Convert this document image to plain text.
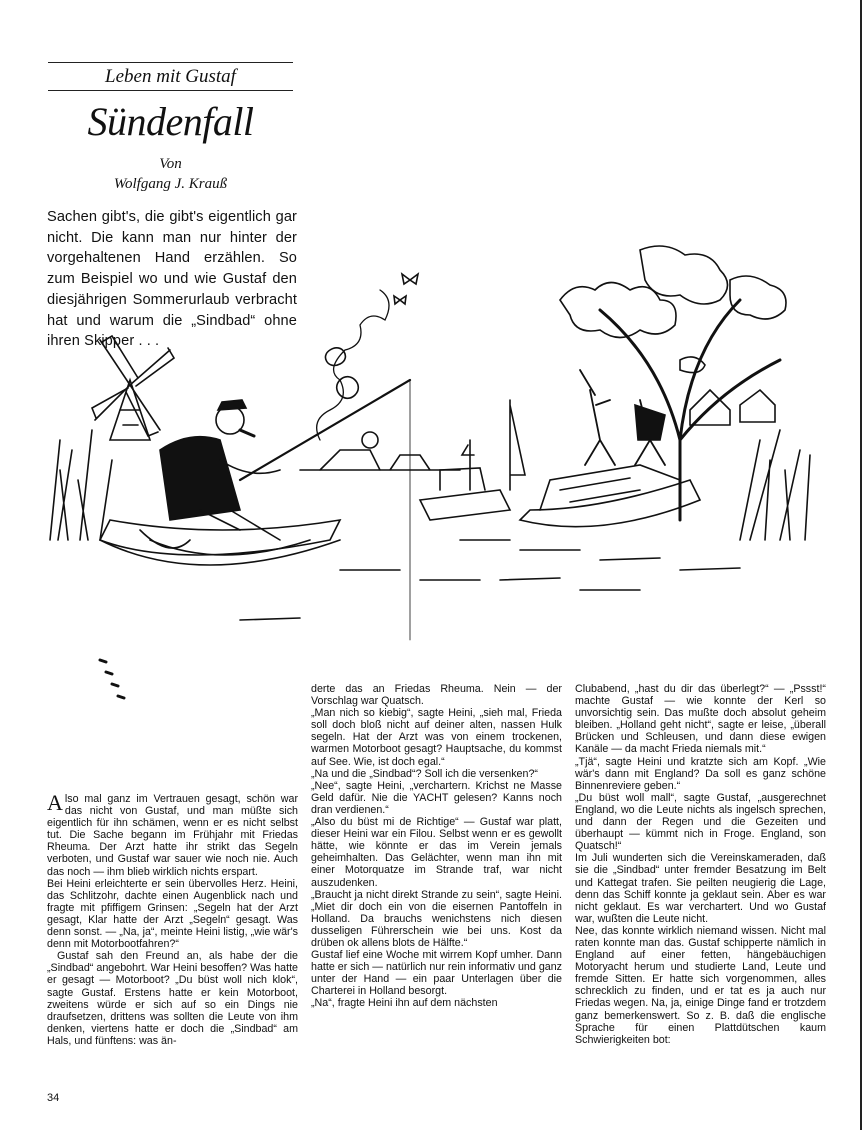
Leben mit Gustaf
Sündenfall
Von
Wolfgang J. Krauß
Sachen gibt's, die gibt's eigentlich gar nicht. Die kann man nur hinter der vorgehaltenen Hand erzählen. So zum Beispiel wo und wie Gustaf den diesjährigen Sommerurlaub verbracht hat und warum die „Sindbad“ ohne ihren Skipper . . .

A lso mal ganz im Vertrauen gesagt, schön war das nicht von Gustaf, und man müßte sich eigentlich für ihn schämen, wenn er es nicht selbst tut. Die Sache begann im Frühjahr mit Friedas Rheuma. Der Arzt hatte ihr strikt das Segeln verboten, und Gustaf war sauer wie noch nie. Auch das noch — ihm blieb wirklich nichts erspart.

Bei Heini erleichterte er sein übervolles Herz. Heini, das Schlitzohr, dachte einen Augenblick nach und fragte mit pfiffigem Grinsen: „Segeln hat der Arzt gesagt, Klar hatte der Arzt „Segeln“ gesagt. Was denn sonst. — „Na, ja“, meinte Heini listig, „wie wär's denn mit Motorbootfahren?“

Gustaf sah den Freund an, als habe der die „Sindbad“ angebohrt. War Heini besoffen? Was hatte er gesagt — Motorboot? „Du büst woll nich klok“, sagte Gustaf. Erstens hatte er kein Motorboot, zweitens würde er sich auf so ein Dings nie draufsetzen, drittens was sollten die Leute von ihm denken, viertens hatte er doch die „Sindbad“ am Hals, und fünftens: was än-

derte das an Friedas Rheuma. Nein — der Vorschlag war Quatsch.

„Man nich so kiebig“, sagte Heini, „sieh mal, Frieda soll doch bloß nicht auf deiner alten, nassen Hulk segeln. Hat der Arzt was von einem trockenen, warmen Motorboot gesagt? Hauptsache, du kommst auf See. Wie, ist doch egal.“

„Na und die „Sindbad“? Soll ich die versenken?“

„Nee“, sagte Heini, „verchartern. Krichst ne Masse Geld dafür. Nie die YACHT gelesen? Kanns noch dran verdienen.“

„Also du büst mi de Richtige“ — Gustaf war platt, dieser Heini war ein Filou. Selbst wenn er es gewollt hätte, wie könnte er das im Verein jemals geheimhalten. Das Gelächter, wenn man ihn mit einer Motorquatze im Strande traf, war nicht auszudenken.

„Braucht ja nicht direkt Strande zu sein“, sagte Heini. „Miet dir doch ein von die eisernen Pantoffeln in Holland. Da brauchs wenichstens nich diesen dusseligen Führerschein wie bei uns. Kost da drüben ok allens blots de Hälfte.“

Gustaf lief eine Woche mit wirrem Kopf umher. Dann hatte er sich — natürlich nur rein informativ und ganz unter der Hand — ein paar Unterlagen über die Charterei in Holland besorgt.

„Na“, fragte Heini ihn auf dem nächsten

Clubabend, „hast du dir das überlegt?“ — „Pssst!“ machte Gustaf — wie konnte der Kerl so unvorsichtig sein. Das mußte doch absolut geheim bleiben. „Holland geht nicht“, sagte er leise, „überall Brücken und Schleusen, und dann diese ewigen Kanäle — da macht Frieda niemals mit.“

„Tjä“, sagte Heini und kratzte sich am Kopf. „Wie wär's dann mit England? Da soll es ganz schöne Binnenreviere geben.“

„Du büst woll mall“, sagte Gustaf, „ausgerechnet England, wo die Leute nichts als ingelsch sprechen, und dann der Regen und die Gezeiten und überhaupt — kümmt nich in Froge. England, son Quatsch!“

Im Juli wunderten sich die Vereinskameraden, daß sie die „Sindbad“ unter fremder Besatzung im Belt und Kattegat trafen. Sie peilten neugierig die Lage, denn das Schiff konnte ja geklaut sein. Aber es war nicht geklaut. Es war verchartert. Und wo Gustaf war, wußten die Leute nicht.

Nee, das konnte wirklich niemand wissen. Nicht mal raten konnte man das. Gustaf schipperte nämlich in England auf einer fetten, hängebäuchigen Motoryacht herum und studierte Land, Leute und fremde Sitten. Er hatte sich vorgenommen, alles schrecklich zu finden, und er tat es ja auch nur Friedas wegen. Na, ja, einige Dinge fand er trotzdem ganz bemerkenswert. So z. B. daß die englische Sprache für einen Plattdütschen kaum Schwierigkeiten bot:

34
